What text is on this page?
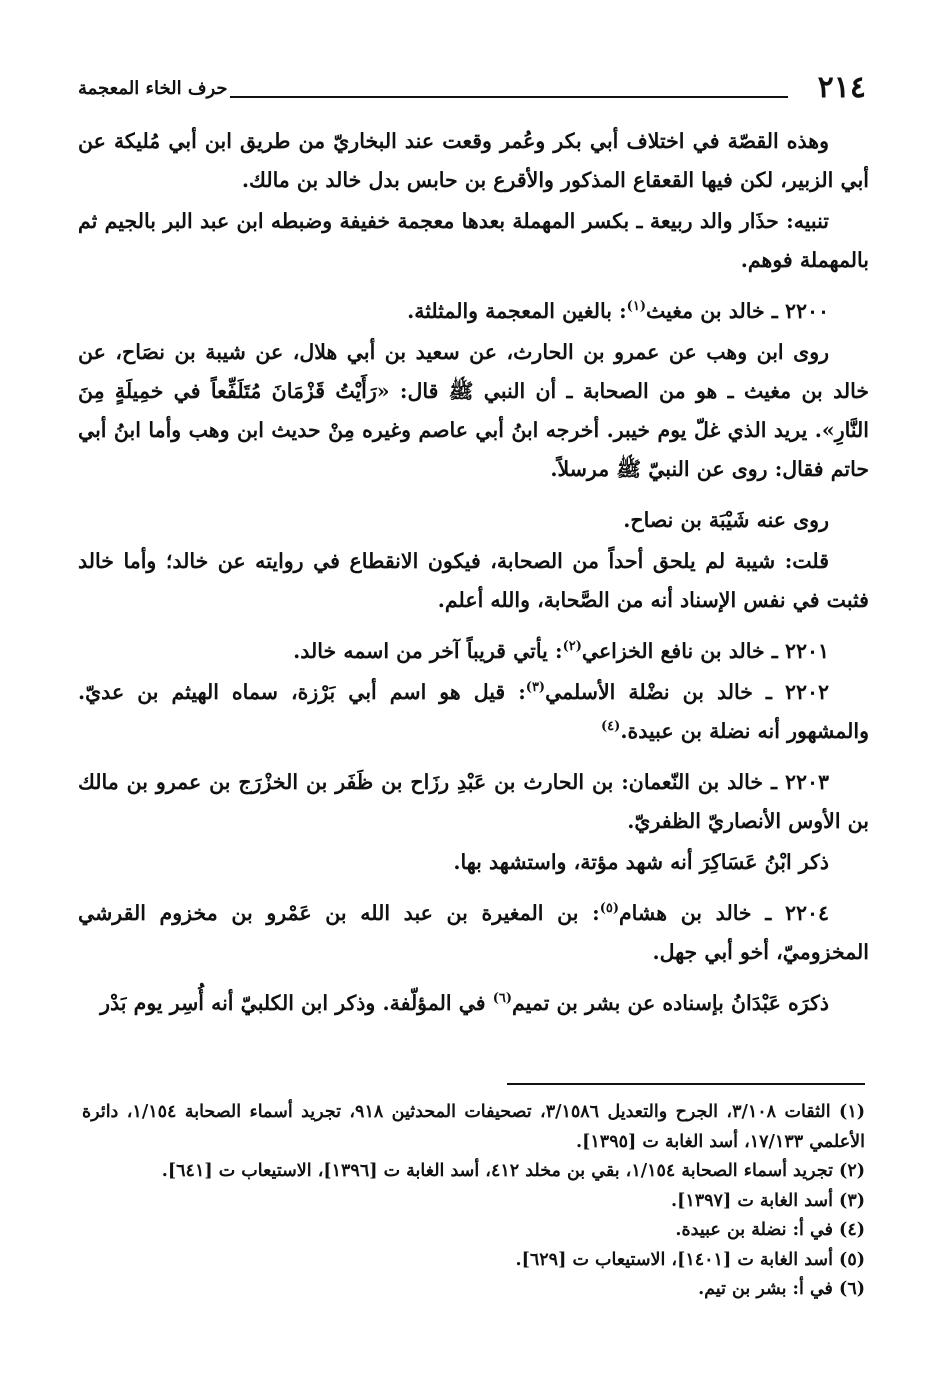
٢١٤
حرف الخاء المعجمة

وهذه القصّة في اختلاف أبي بكر وعُمر وقعت عند البخاريّ من طريق ابن أبي مُليكة عن أبي الزبير، لكن فيها القعقاع المذكور والأقرع بن حابس بدل خالد بن مالك.

تنبيه: حذَار والد ربيعة ـ بكسر المهملة بعدها معجمة خفيفة وضبطه ابن عبد البر بالجيم ثم بالمهملة فوهم.

٢٢٠٠ ـ خالد بن مغيث$^{(١)}$: بالغين المعجمة والمثلثة.

روى ابن وهب عن عمرو بن الحارث، عن سعيد بن أبي هلال، عن شيبة بن نصَاح، عن خالد بن مغيث ـ هو من الصحابة ـ أن النبي ﷺ قال: «رَأَيْتُ قَزْمَانَ مُتَلَفِّعاً في خمِيلَةٍ مِنَ النَّارِ». يريد الذي غلّ يوم خيبر. أخرجه ابنُ أبي عاصم وغيره مِنْ حديث ابن وهب وأما ابنُ أبي حاتم فقال: روى عن النبيّ ﷺ مرسلاً.

روى عنه شَيْبَة بن نصاح.

قلت: شيبة لم يلحق أحداً من الصحابة، فيكون الانقطاع في روايته عن خالد؛ وأما خالد فثبت في نفس الإسناد أنه من الصَّحابة، والله أعلم.

٢٢٠١ ـ خالد بن نافع الخزاعي$^{(٢)}$: يأتي قريباً آخر من اسمه خالد.

٢٢٠٢ ـ خالد بن نضْلة الأسلمي$^{(٣)}$: قيل هو اسم أبي بَرْزة، سماه الهيثم بن عديّ. والمشهور أنه نضلة بن عبيدة.$^{(٤)}$

٢٢٠٣ ـ خالد بن النّعمان: بن الحارث بن عَبْدِ رزَاح بن ظَفَر بن الخزْرَج بن عمرو بن مالك بن الأوس الأنصاريّ الظفريّ.

ذكر ابْنُ عَسَاكِرَ أنه شهد مؤتة، واستشهد بها.

٢٢٠٤ ـ خالد بن هشام$^{(٥)}$: بن المغيرة بن عبد الله بن عَمْرو بن مخزوم القرشي المخزوميّ، أخو أبي جهل.

ذكرَه عَبْدَانُ بإسناده عن بشر بن تميم$^{(٦)}$ في المؤلّفة. وذكر ابن الكلبيّ أنه أُسِر يوم بَدْر

(١) الثقات ٣/١٠٨، الجرح والتعديل ٣/١٥٨٦، تصحيفات المحدثين ٩١٨، تجريد أسماء الصحابة ١/١٥٤، دائرة الأعلمي ١٧/١٣٣، أسد الغابة ت [١٣٩٥].

(٢) تجريد أسماء الصحابة ١/١٥٤، بقي بن مخلد ٤١٢، أسد الغابة ت [١٣٩٦]، الاستيعاب ت [٦٤١].

(٣) أسد الغابة ت [١٣٩٧].

(٤) في أ: نضلة بن عبيدة.

(٥) أسد الغابة ت [١٤٠١]، الاستيعاب ت [٦٢٩].

(٦) في أ: بشر بن تيم.
